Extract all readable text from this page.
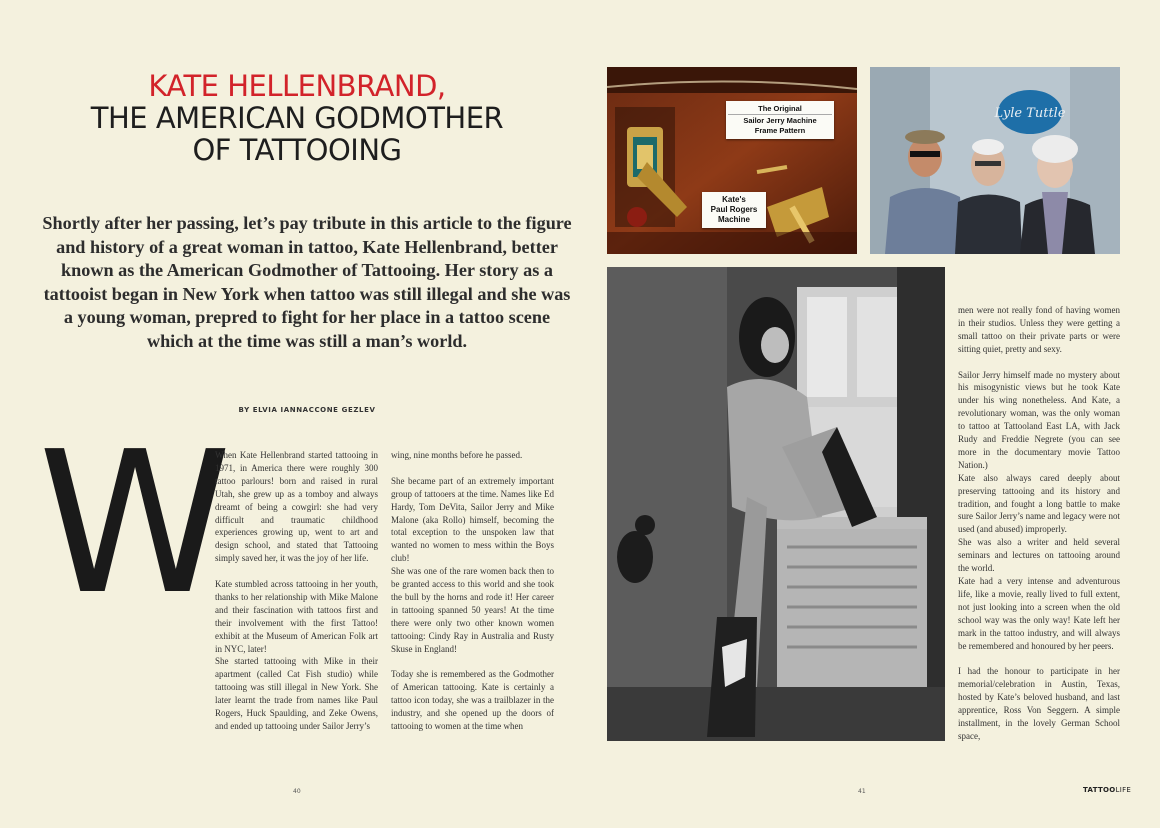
KATE HELLENBRAND,
THE AMERICAN GODMOTHER
OF TATTOOING
Shortly after her passing, let’s pay tribute in this article to the figure and history of a great woman in tattoo, Kate Hellenbrand, better known as the American Godmother of Tattooing. Her story as a tattooist began in New York when tattoo was still illegal and she was a young woman, prepred to fight for her place in a tattoo scene which at the time was still a man’s world.
BY ELVIA IANNACCONE GEZLEV
W

When Kate Hellenbrand started tattooing in 1971, in America there were roughly 300 tattoo parlours! born and raised in rural Utah, she grew up as a tomboy and always dreamt of being a cowgirl: she had very difficult and traumatic childhood experiences growing up, went to art and design school, and stated that Tattooing simply saved her, it was the joy of her life.

Kate stumbled across tattooing in her youth, thanks to her relationship with Mike Malone and their fascination with tattoos first and their involvement with the first Tattoo! exhibit at the Museum of American Folk art in NYC, later!

She started tattooing with Mike in their apartment (called Cat Fish studio) while tattooing was still illegal in New York. She later learnt the trade from names like Paul Rogers, Huck Spaulding, and Zeke Owens, and ended up tattooing under Sailor Jerry’s

wing, nine months before he passed.

She became part of an extremely important group of tattooers at the time. Names like Ed Hardy, Tom DeVita, Sailor Jerry and Mike Malone (aka Rollo) himself, becoming the total exception to the unspoken law that wanted no women to mess within the Boys club!

She was one of the rare women back then to be granted access to this world and she took the bull by the horns and rode it! Her career in tattooing spanned 50 years! At the time there were only two other known women tattooing: Cindy Ray in Australia and Rusty Skuse in England!

Today she is remembered as the Godmother of American tattooing. Kate is certainly a tattoo icon today, she was a trailblazer in the industry, and she opened up the doors of tattooing to women at the time when

men were not really fond of having women in their studios. Unless they were getting a small tattoo on their private parts or were sitting quiet, pretty and sexy.

Sailor Jerry himself made no mystery about his misogynistic views but he took Kate under his wing nonetheless. And Kate, a revolutionary woman, was the only woman to tattoo at Tattooland East LA, with Jack Rudy and Freddie Negrete (you can see more in the documentary movie Tattoo Nation.)

Kate also always cared deeply about preserving tattooing and its history and tradition, and fought a long battle to make sure Sailor Jerry’s name and legacy were not used (and abused) improperly.

She was also a writer and held several seminars and lectures on tattooing around the world.

Kate had a very intense and adventurous life, like a movie, really lived to full extent, not just looking into a screen when the old school way was the only way! Kate left her mark in the tattoo industry, and will always be remembered and honoured by her peers.

I had the honour to participate in her memorial/celebration in Austin, Texas, hosted by Kate’s beloved husband, and last apprentice, Ross Von Seggern. A simple installment, in the lovely German School space,

The Original
Sailor Jerry Machine
Frame Pattern
Kate's
Paul Rogers
Machine
Lyle Tuttle
40	41	TATTOOLIFE
